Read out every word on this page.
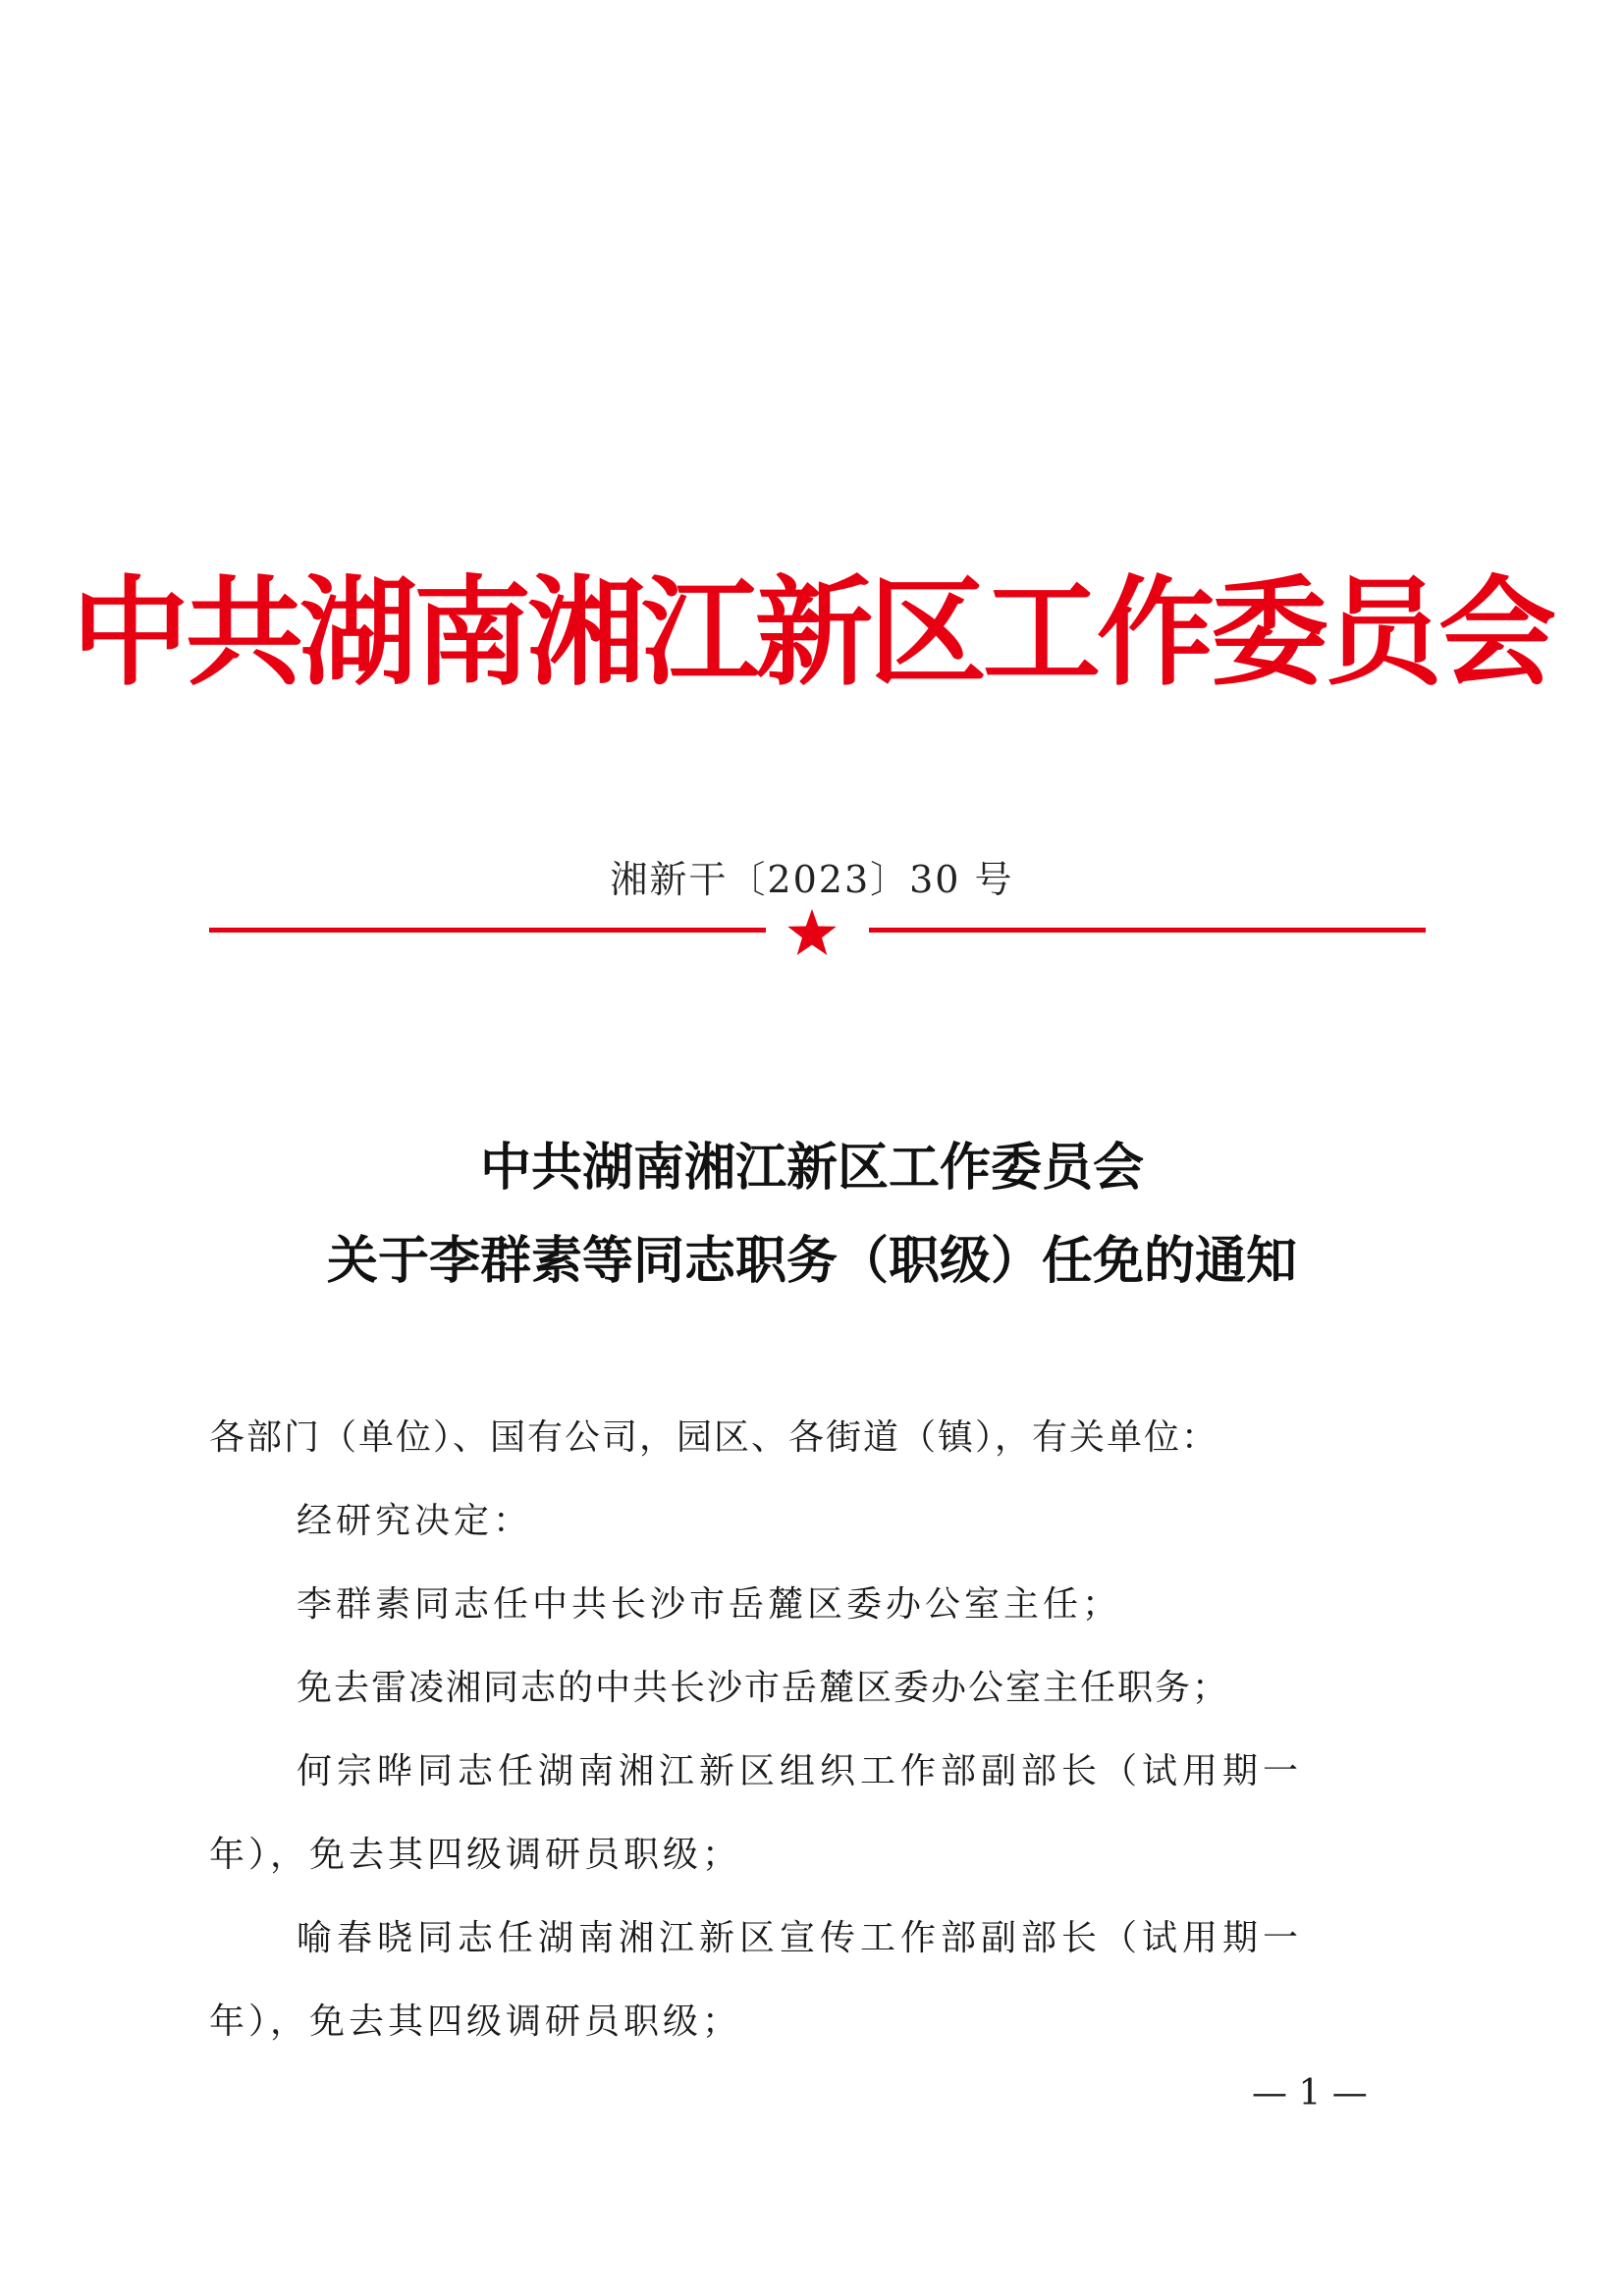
中共湖南湘江新区工作委员会
湘新干〔2023〕30 号
中共湖南湘江新区工作委员会
关于李群素等同志职务（职级）任免的通知
各部门（单位）、国有公司，园区、各街道（镇），有关单位：
经研究决定：
李群素同志任中共长沙市岳麓区委办公室主任；
免去雷凌湘同志的中共长沙市岳麓区委办公室主任职务；
何宗晔同志任湖南湘江新区组织工作部副部长（试用期一
年），免去其四级调研员职级；
喻春晓同志任湖南湘江新区宣传工作部副部长（试用期一
年），免去其四级调研员职级；
— 1 —
